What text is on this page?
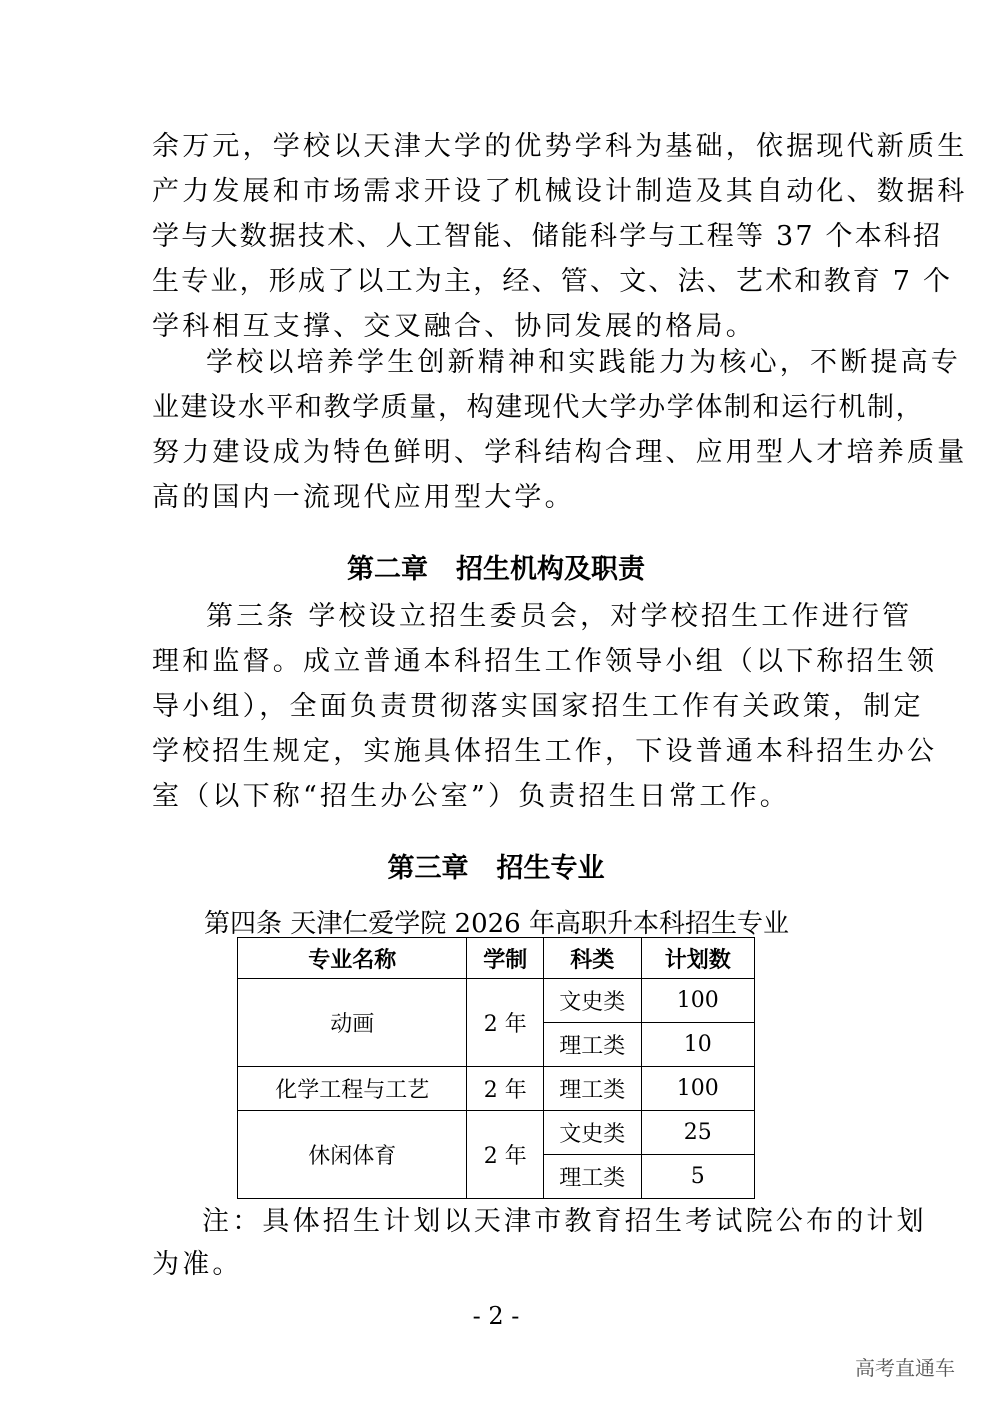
余万元，学校以天津大学的优势学科为基础，依据现代新质生
产力发展和市场需求开设了机械设计制造及其自动化、数据科
学与大数据技术、人工智能、储能科学与工程等 37 个本科招
生专业，形成了以工为主，经、管、文、法、艺术和教育 7 个
学科相互支撑、交叉融合、协同发展的格局。
学校以培养学生创新精神和实践能力为核心，不断提高专
业建设水平和教学质量，构建现代大学办学体制和运行机制，
努力建设成为特色鲜明、学科结构合理、应用型人才培养质量
高的国内一流现代应用型大学。
第二章 招生机构及职责
第三条 学校设立招生委员会，对学校招生工作进行管
理和监督。成立普通本科招生工作领导小组（以下称招生领
导小组），全面负责贯彻落实国家招生工作有关政策，制定
学校招生规定，实施具体招生工作，下设普通本科招生办公
室（以下称“招生办公室”）负责招生日常工作。
第三章 招生专业
第四条 天津仁爱学院 2026 年高职升本科招生专业
专业名称	学制	科类	计划数
动画	2 年	文史类	100
		理工类	10
化学工程与工艺	2 年	理工类	100
休闲体育	2 年	文史类	25
		理工类	5
注：具体招生计划以天津市教育招生考试院公布的计划
为准。
- 2 -
高考直通车
